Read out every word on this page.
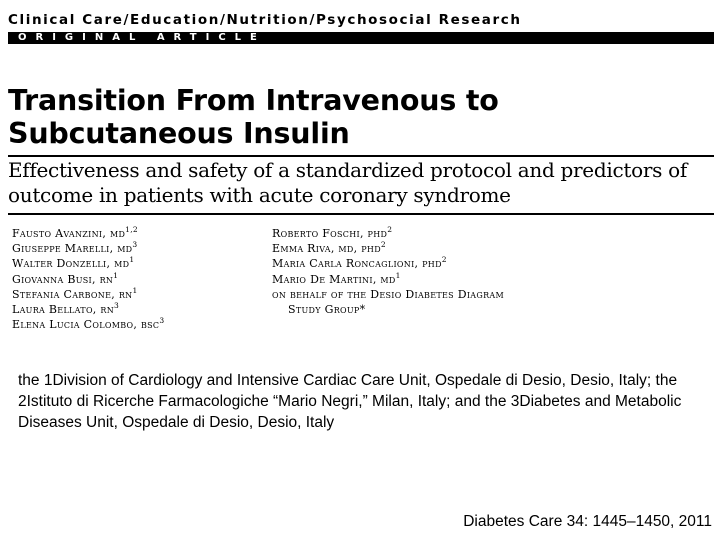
Clinical Care/Education/Nutrition/Psychosocial Research
ORIGINAL ARTICLE
Transition From Intravenous to
Subcutaneous Insulin
Effectiveness and safety of a standardized protocol and predictors of
outcome in patients with acute coronary syndrome
Fausto Avanzini, md$^{1,2}$
Giuseppe Marelli, $md^3$
Walter Donzelli, $md^1$
Giovanna Busi, $rn^1$
Stefania Carbone, $rn^1$
Laura Bellato, $rn^3$
Elena Lucia Colombo, bsc$^3$
Roberto Foschi, phd$^2$
Emma Riva, md, phd$^2$
Maria Carla Roncaglioni, phd$^2$
Mario De Martini, $md^1$
on behalf of the Desio Diabetes Diagram
Study Group*
the 1Division of Cardiology and Intensive Cardiac Care Unit, Ospedale di Desio, Desio, Italy; the 2Istituto di Ricerche Farmacologiche “Mario Negri,” Milan, Italy; and the 3Diabetes and Metabolic Diseases Unit, Ospedale di Desio, Desio, Italy
Diabetes Care 34: 1445–1450, 2011
